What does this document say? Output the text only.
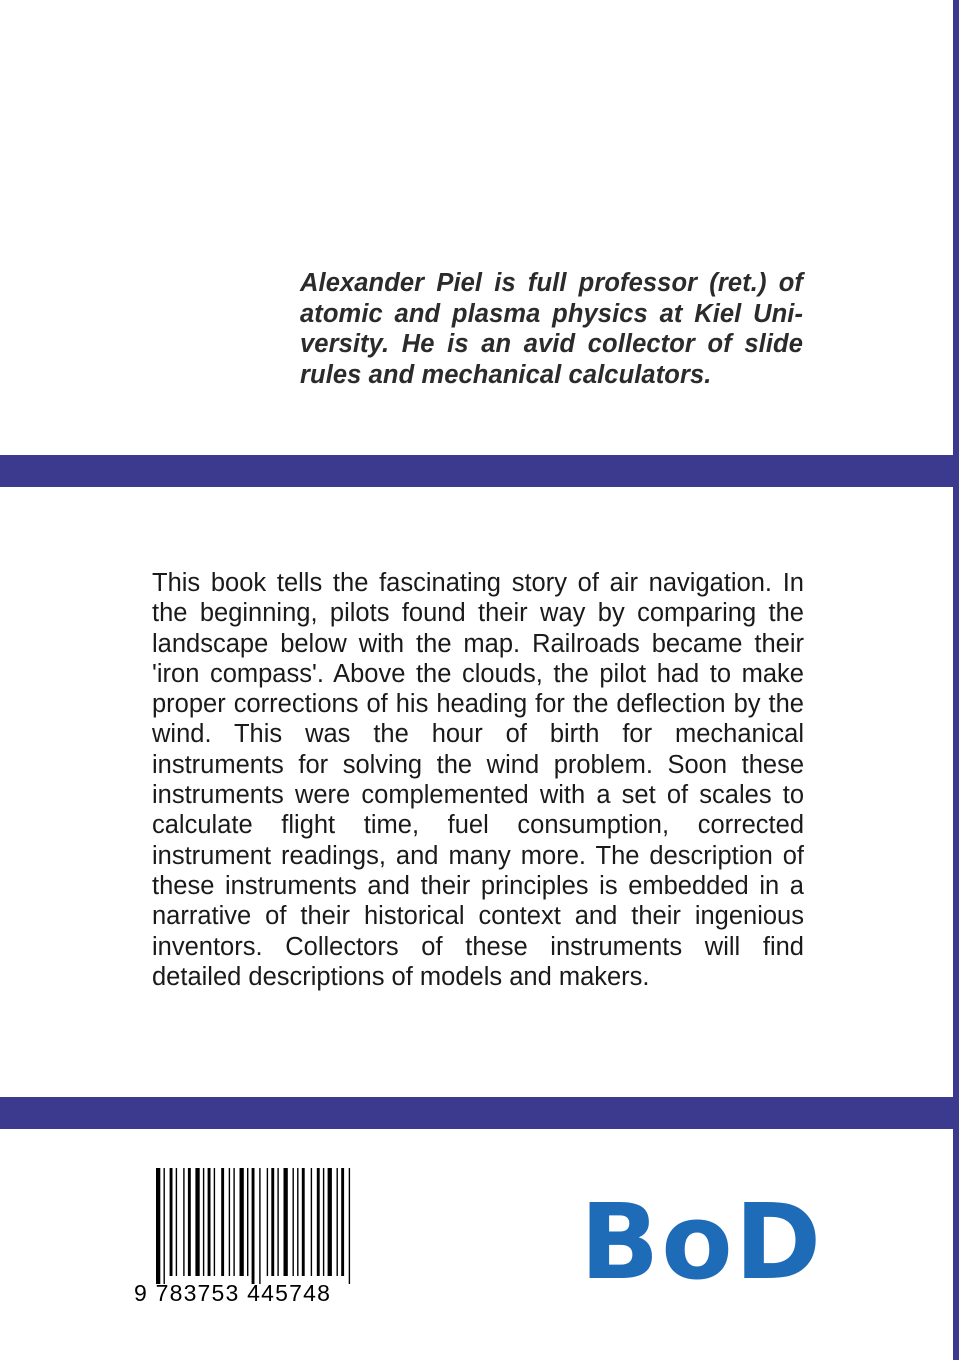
Alexander Piel is full professor (ret.) of atomic and plasma physics at Kiel University. He is an avid collector of slide rules and mechanical calculators.

This book tells the fascinating story of air navigation. In the beginning, pilots found their way by comparing the landscape below with the map. Railroads became their 'iron compass'. Above the clouds, the pilot had to make proper corrections of his heading for the deflection by the wind. This was the hour of birth for mechanical instruments for solving the wind problem. Soon these instruments were complemented with a set of scales to calculate flight time, fuel consumption, corrected instrument readings, and many more. The description of these instruments and their principles is embedded in a narrative of their historical context and their ingenious inventors. Collectors of these instruments will find detailed descriptions of models and makers.

9 783753 445748	BoD
